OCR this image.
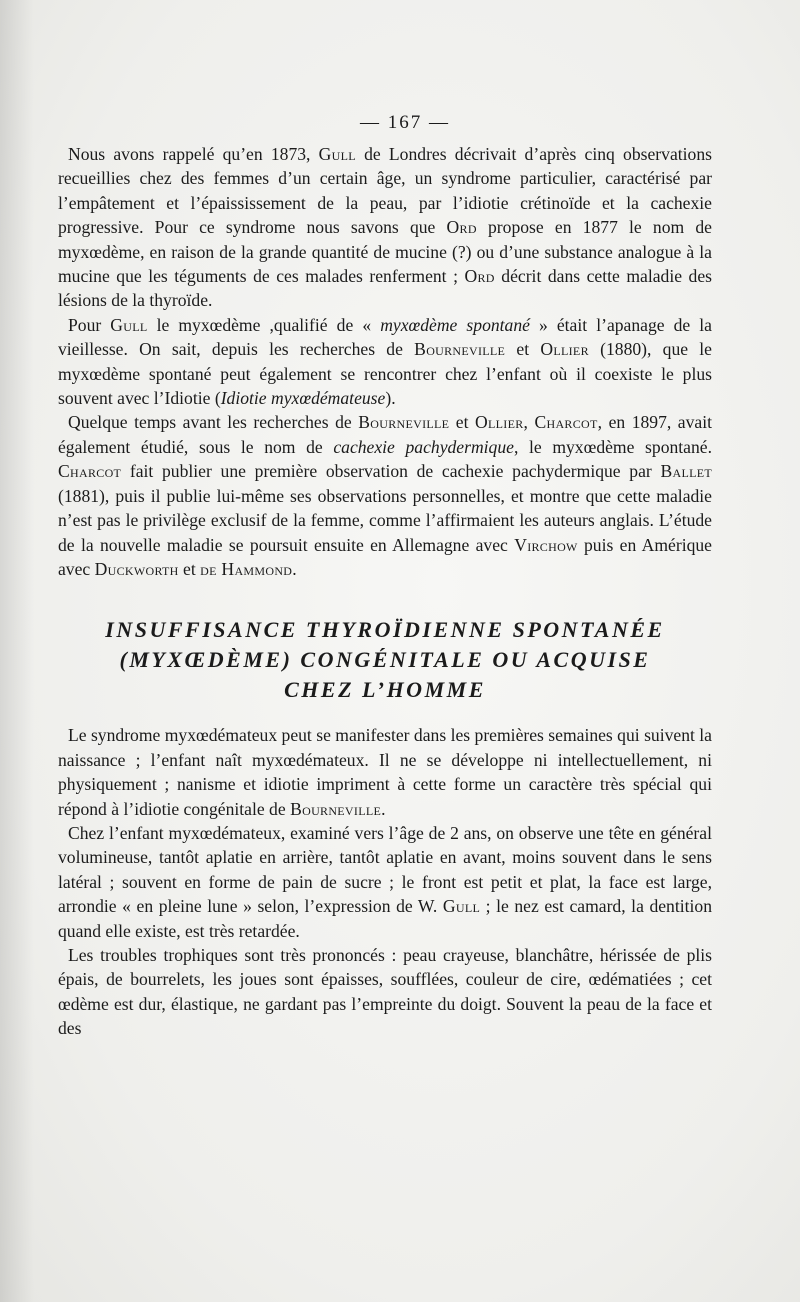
— 167 —

Nous avons rappelé qu’en 1873, Gull de Londres décrivait d’après cinq observations recueillies chez des femmes d’un certain âge, un syndrome particulier, caractérisé par l’empâtement et l’épaississement de la peau, par l’idiotie crétinoïde et la cachexie progressive. Pour ce syndrome nous savons que Ord propose en 1877 le nom de myxœdème, en raison de la grande quantité de mucine (?) ou d’une substance analogue à la mucine que les téguments de ces malades renferment ; Ord décrit dans cette maladie des lésions de la thyroïde.

Pour Gull le myxœdème ,qualifié de « myxœdème spontané » était l’apanage de la vieillesse. On sait, depuis les recherches de Bourneville et Ollier (1880), que le myxœdème spontané peut également se rencontrer chez l’enfant où il coexiste le plus souvent avec l’Idiotie (Idiotie myxœdémateuse).

Quelque temps avant les recherches de Bourneville et Ollier, Charcot, en 1897, avait également étudié, sous le nom de cachexie pachydermique, le myxœdème spontané. Charcot fait publier une première observation de cachexie pachydermique par Ballet (1881), puis il publie lui-même ses observations personnelles, et montre que cette maladie n’est pas le privilège exclusif de la femme, comme l’affirmaient les auteurs anglais. L’étude de la nouvelle maladie se poursuit ensuite en Allemagne avec Virchow puis en Amérique avec Duckworth et de Hammond.

INSUFFISANCE THYROÏDIENNE SPONTANÉE
(MYXŒDÈME) CONGÉNITALE OU ACQUISE
CHEZ L’HOMME

Le syndrome myxœdémateux peut se manifester dans les premières semaines qui suivent la naissance ; l’enfant naît myxœdémateux. Il ne se développe ni intellectuellement, ni physiquement ; nanisme et idiotie impriment à cette forme un caractère très spécial qui répond à l’idiotie congénitale de Bourneville.

Chez l’enfant myxœdémateux, examiné vers l’âge de 2 ans, on observe une tête en général volumineuse, tantôt aplatie en arrière, tantôt aplatie en avant, moins souvent dans le sens latéral ; souvent en forme de pain de sucre ; le front est petit et plat, la face est large, arrondie « en pleine lune » selon, l’expression de W. Gull ; le nez est camard, la dentition quand elle existe, est très retardée.

Les troubles trophiques sont très prononcés : peau crayeuse, blanchâtre, hérissée de plis épais, de bourrelets, les joues sont épaisses, soufflées, couleur de cire, œdématiées ; cet œdème est dur, élastique, ne gardant pas l’empreinte du doigt. Souvent la peau de la face et des
